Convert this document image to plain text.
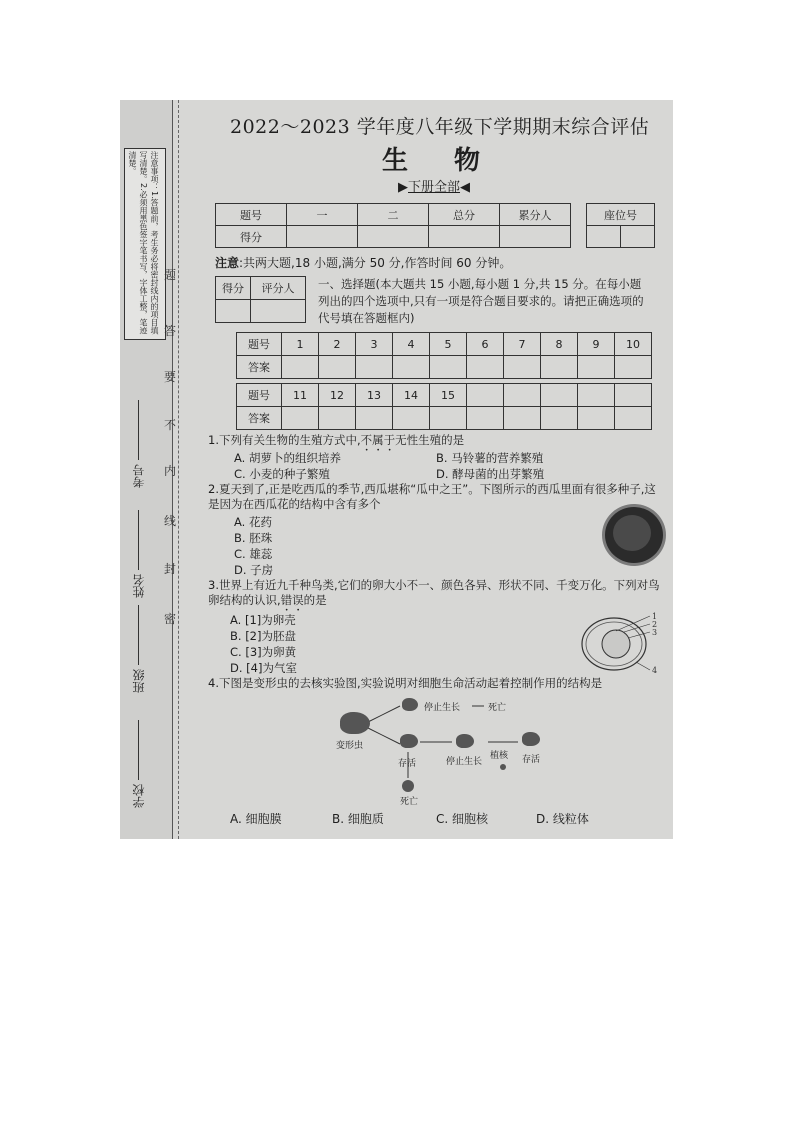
注意事项：1.答题前，考生务必将密封线内的项目填写清楚。2.必须用黑色签字笔书写，字体工整，笔迹清楚。
考号
姓名
班级
学校
题
答
要
不
内
线
封
密
2022～2023 学年度八年级下学期期末综合评估
生物
▶下册全部◀
题号	一	二	总分	累分人
得分				
座位号

注意:共两大题,18 小题,满分 50 分,作答时间 60 分钟。
得分	评分人
	一、选择题(本大题共 15 小题,每小题 1 分,共 15 分。在每小题列出的四个选项中,只有一项是符合题目要求的。请把正确选项的代号填在答题框内)
题号	1	2	3	4	5	6	7	8	9	10
答案										

题号	11	12	13	14	15					
答案										
1.下列有关生物的生殖方式中,不属于无性生殖的是
A. 胡萝卜的组织培养	B. 马铃薯的营养繁殖
C. 小麦的种子繁殖	D. 酵母菌的出芽繁殖
2.夏天到了,正是吃西瓜的季节,西瓜堪称“瓜中之王”。下图所示的西瓜里面有很多种子,这是因为在西瓜花的结构中含有多个
A. 花药
B. 胚珠
C. 雄蕊
D. 子房
3.世界上有近九千种鸟类,它们的卵大小不一、颜色各异、形状不同、千变万化。下列对鸟卵结构的认识,错误的是
A. [1]为卵壳
B. [2]为胚盘
C. [3]为卵黄
D. [4]为气室
1
2
3
4
4.下图是变形虫的去核实验图,实验说明对细胞生命活动起着控制作用的结构是
变形虫
停止生长	死亡
存活	停止生长
植核	存活
死亡
A. 细胞膜	B. 细胞质	C. 细胞核	D. 线粒体
